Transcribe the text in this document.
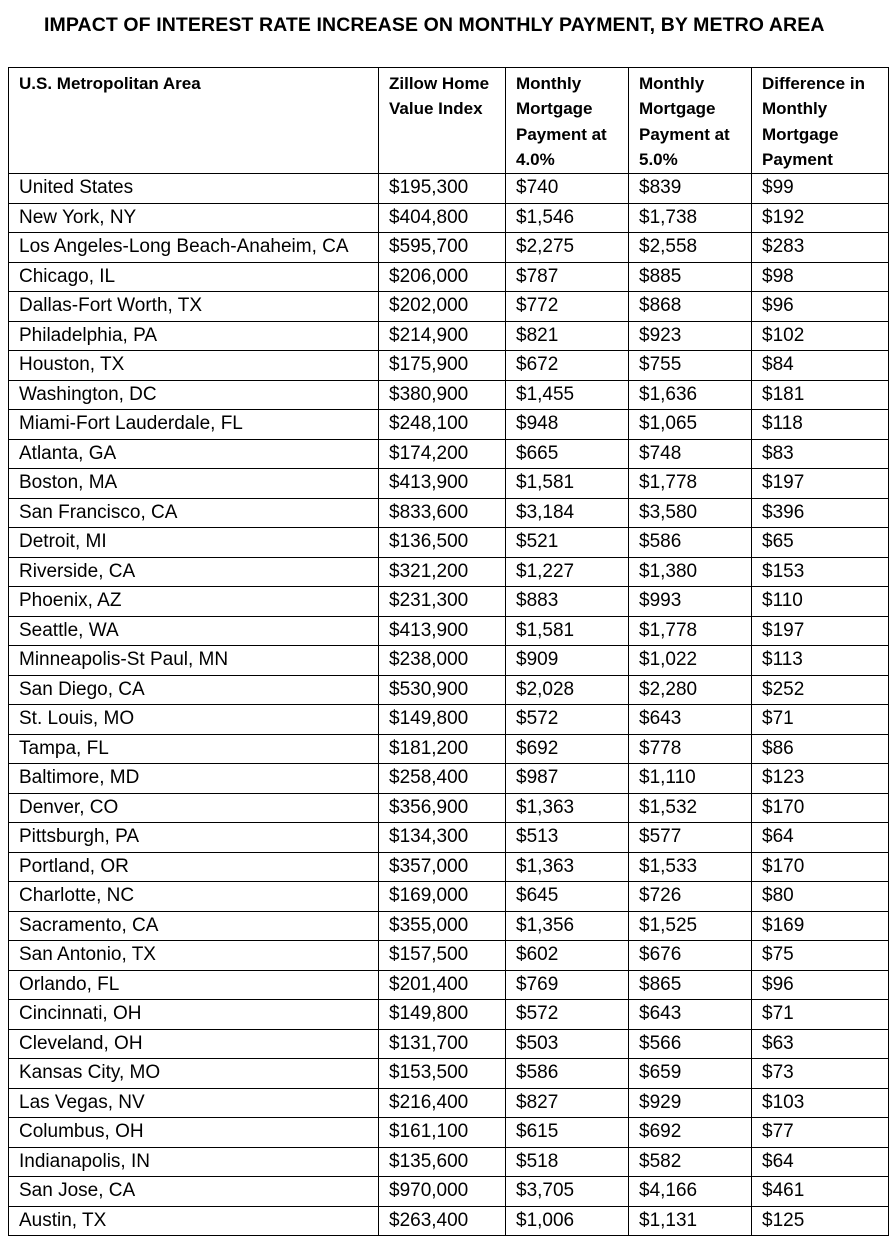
IMPACT OF INTEREST RATE INCREASE ON MONTHLY PAYMENT, BY METRO AREA
U.S. Metropolitan Area	Zillow Home Value Index	Monthly Mortgage Payment at 4.0%	Monthly Mortgage Payment at 5.0%	Difference in Monthly Mortgage Payment
United States	$195,300	$740	$839	$99
New York, NY	$404,800	$1,546	$1,738	$192
Los Angeles-Long Beach-Anaheim, CA	$595,700	$2,275	$2,558	$283
Chicago, IL	$206,000	$787	$885	$98
Dallas-Fort Worth, TX	$202,000	$772	$868	$96
Philadelphia, PA	$214,900	$821	$923	$102
Houston, TX	$175,900	$672	$755	$84
Washington, DC	$380,900	$1,455	$1,636	$181
Miami-Fort Lauderdale, FL	$248,100	$948	$1,065	$118
Atlanta, GA	$174,200	$665	$748	$83
Boston, MA	$413,900	$1,581	$1,778	$197
San Francisco, CA	$833,600	$3,184	$3,580	$396
Detroit, MI	$136,500	$521	$586	$65
Riverside, CA	$321,200	$1,227	$1,380	$153
Phoenix, AZ	$231,300	$883	$993	$110
Seattle, WA	$413,900	$1,581	$1,778	$197
Minneapolis-St Paul, MN	$238,000	$909	$1,022	$113
San Diego, CA	$530,900	$2,028	$2,280	$252
St. Louis, MO	$149,800	$572	$643	$71
Tampa, FL	$181,200	$692	$778	$86
Baltimore, MD	$258,400	$987	$1,110	$123
Denver, CO	$356,900	$1,363	$1,532	$170
Pittsburgh, PA	$134,300	$513	$577	$64
Portland, OR	$357,000	$1,363	$1,533	$170
Charlotte, NC	$169,000	$645	$726	$80
Sacramento, CA	$355,000	$1,356	$1,525	$169
San Antonio, TX	$157,500	$602	$676	$75
Orlando, FL	$201,400	$769	$865	$96
Cincinnati, OH	$149,800	$572	$643	$71
Cleveland, OH	$131,700	$503	$566	$63
Kansas City, MO	$153,500	$586	$659	$73
Las Vegas, NV	$216,400	$827	$929	$103
Columbus, OH	$161,100	$615	$692	$77
Indianapolis, IN	$135,600	$518	$582	$64
San Jose, CA	$970,000	$3,705	$4,166	$461
Austin, TX	$263,400	$1,006	$1,131	$125
